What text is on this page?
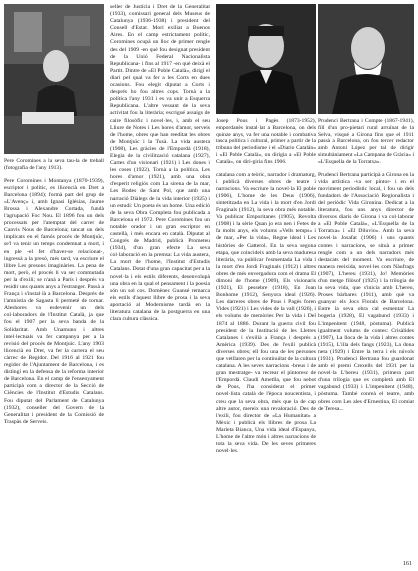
Pere Coromines a la seva tau-la de treball (fotografia de l'any 1913).
Pere Coromines i Montanya (1870-1939), escriptor i polític, es llicencià en Dret a Barcelona (1894); formà part del grup de «L'Avenç» i, amb Ignasi Iglésias, Jaume Brossa i Alexandre Cortada, fundà l'agrupació Foc Nou. El 1896 fou un dels processats per l'atemptat del carrer de Canvis Nous de Barcelona; tancat un dels implicats en el famós procés de Montjuïc, se'l va tenir un temps condemnat a mort, i en ple -el fet d'haver-se relacionat-, ingressà a la presó, més tard, va escriure el llibre Les presons imaginàries. La pena de mort, però, el procés li va ser commutada per la d'exili; se n'anà a París i després va residir uns quants anys a l'estranger. Passà a França i s'instal·là a Barcelona. Després de l'amnistia de Sagasta li permeté de tornar. Aleshores va esdevenir un dels col·laboradors de l'Institut Català, ja que fou el 1907 per la seva banda de la Solidaritat. Amb Unamuno i altres intel·lectuals va fer campanya per a la revisió del procés de Montjuïc. L'any 1903 llicencià en Dret, va fer la carrera el seu càrrec de Regidor. Del 1916 al 1921 fou regidor de l'Ajuntament de Barcelona, i es distingí en la defensa de la reforma interior de Barcelona. En el camp de l'ensenyament participà com a director de la Secció de Ciències de l'Institut d'Estudis Catalans. Fou diputat del Parlament de Catalunya (1932), conseller del Govern de la Generalitat i president de la Comissió de Traspàs de Serveis.
seller de Justícia i Dret de la Generalitat (1933), comissari general dels Museus de Catalunya (1936-1938) i president del Consell d'Estat. Morí exiliat a Buenos Aires. En el camp estrictament polític, Coromines ocupà un lloc de primer rengle des del 1909 -en què fou designat president de la Unió Federal Nacionalista Republicana- i fins al 1917 -en què deixà el Partit. Dintre de «El Poble Català», dirigí el diari pel qual va fer a les Corts en dues ocasions. Fou elegit diputat a Corts i després ho fou altres cops. Tornà a la política l'any 1931 i es va unir a Esquerra Republicana. L'altre vessant de la seva activitat fou la literària; escrigué assaigs de caire filosòfic i novel·les, i, amb el seu Lliure de Notes i Les hores d'amor, serveis de l'home, obres que han reeditat les obres de Montjuïc i la Tusà. La vida austera (1908), Les gràcies de l'Empordà (1918), Elegia de la civilització catalana (1927), Cartes d'un visionari (1921) i Les dones i les coses (1922). Tornà a la política. Les hores d'amor (1921), amb una obra d'esperit religiós com La sirena de la mar, Les Bodes de Sant Pol, que amb una narració Diàlegs de la vida interior (1925) i un estudi: Un poeta és un home. Una edició de la seva Obra Completa fou publicada a Barcelona el 1972. Pere Coromines fou un notable orador i un gran escriptor en castellà, i més encara en català. Diputat al Congrés de Madrid, publicà Prometeu (1934), d'un gran efecte La seva col·laboració en la premsa: La vida austera, La mort de l'home, l'Institut d'Estudis Catalans. Dotat d'una gran capacitat per a la novel·la i els estils diferents, desenvolupà una obra en la qual el pensament i la poesia són un sol cos. Domènec Guansé remarca els estils d'aquest llibre de prosa i la seva aportació al Modernisme tardà en la literatura catalana de la postguerra en una clara cultura clàssica.
Josep Pous i Pagès (1873-1952), empordanès instal·lat a Barcelona, on dels quinze anys, va fer una notable i combativa tasca política i cultural, primer a partir de la tribuna del periodisme i el «Diario Catalán» i «El Poble Català», on dirigia a «El Poble Català», on diri-giria fins 1906.
catalana com a teòric, narrador i dramaturg, i publicà diverses obres de teatre i narracions. Va escriure la novel·la El poble (1906), L'home de les Deus (1906), sintetitzada en La vida i la mort d'en Jordi Fraginals (1912), la seva obra més notable. Va publicar Emporitanes (1905), Revolta (1908) i la sèrie Quan jo era nen i Fetes de fa molts anys, els volums «Vells temps» i de mar, «Per la vida», Regne ideal i Les històries de Gatterol. En la seva segona etapa, que coincideix amb la seva maduresa literària, va publicar l'esmentada La vida i la mort d'en Jordi Fraginals (1912) i altres obres de més envergadura com el drama El dimoni de l'home (1909), Els visionaris (1921), El pessebre (1918), En Joan Bonhome (1912), Senyora ideal (1926). Les darreres obres de Pous i Pagès foren Vides (1921) i Les vides de la vall (1926), i els volums de memòries Per la vida i Del 1874 al 1886. Durant la guerra civil fou president de la Institució de les Lletres Catalanes i s'exilià a França i després a Amèrica (1939). Des de l'exili publicà diverses obres; ell fou una de les persones que vetllaren per la continuïtat de la cultura catalana. A les seves narracions -breus i de gran mestratge- va recrear el pintoresc de l'Empordà. Claudi Ametlla, que fou nebot de Pous, l'ha considerat el primer novel·lista català de l'època noucentista, i creu que la seva obra, més que la de cap altre autor, mereix una revaloració. Des de l'exili, fou director de «La Humanitat» a Mèxic i publicà els llibres de prosa La Marieta Bianca, Una vida ideal d'Espanya, L'home de l'altre món i altres narracions de tota la seva vida. De les seves primeres novel·les.
Prudenci Bertrana i Compte (1867-1941), fill d'un pro-pietari rural arruïnat de la Selva, visqué a Girona fins que el 1911 passà a Barcelona, on fou tercer redactor amb Antoni López per tal de dirigir simultàniament «La Campana de Gràcia» i «L'Esquella de la Torratxa».
Prudenci Bertrana participà a Girona en la vida artística -va ser pintor- i en el moviment periodístic local, i fou un dels fundadors de l'Associació Regionalista i del periòdic Vida Gironina. Dedicat a la literatura, fou uns anys director de diversos diaris de Girona i va col·laborar a «El Poble Català», «L'Esquella de la Torratxa» i «El Diluvio». Amb la seva novel·la Josafat (1906) i uns quants contes i narracions, se situà a primer rengle com a un dels narradors més destacats del moment. Va escriure, de manera reeixida, novel·les com Nàufrags (1907), L'hereu (1931), Jo! Memòries d'un metge filòsof (1925) i la trilogia de la seva vida, que s'inicia amb L'hereu, Proses bàrbares (1911), amb què va guanyar els Jocs Florals de Barcelona. Entre la seva obra cal esmentar La bogeria (1928), El vagabund (1933) i L'impenitent (1948, pòstuma). Publicà igualment volums de contes: Crisàlides (1907), La lloca de la vida i altres contes (1915), L'illa dels fangs (1923), La dona neta (1929) i Entre la terra i els núvols (1931). Prudenci Bertrana fou guardonat amb el premi Crexells del 1931 per la novel·la L'hereu (1931), primera part d'una trilogia que es completà amb El vagabund (1933) i L'impenitent (1948), pòstuma. També conreà el teatre, amb obres com Les ales d'Ernestina, El comiat de Teresa...
161
